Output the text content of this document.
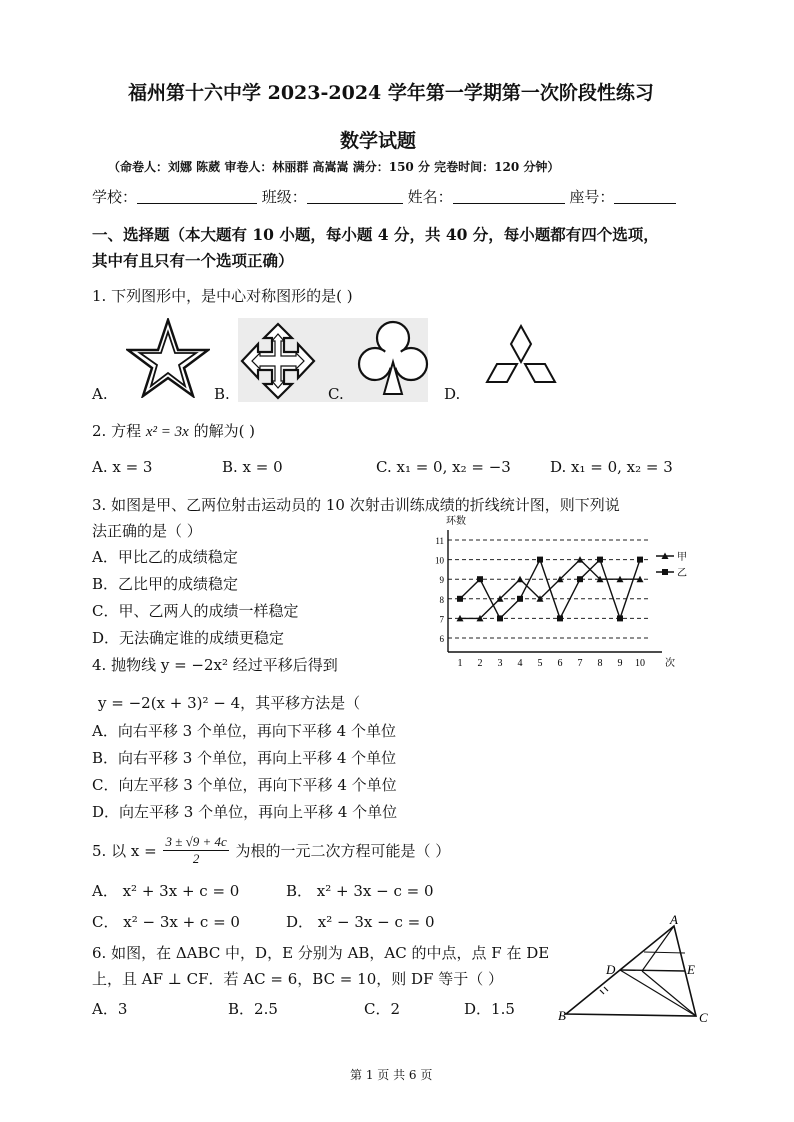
福州第十六中学 2023-2024 学年第一学期第一次阶段性练习
数学试题
（命卷人：刘娜 陈葳 审卷人：林丽群 高嵩嵩 满分：150 分 完卷时间：120 分钟）
学校：	班级：	姓名：	座号：
一、选择题（本大题有 10 小题，每小题 4 分，共 40 分，每小题都有四个选项，
其中有且只有一个选项正确）
1. 下列图形中，是中心对称图形的是( )
A.	B.	C.	D.
2. 方程 x² = 3x 的解为( )
A. x = 3	B. x = 0	C. x₁ = 0, x₂ = −3	D. x₁ = 0, x₂ = 3
3. 如图是甲、乙两位射击运动员的 10 次射击训练成绩的折线统计图，则下列说
法正确的是（ ）
A．甲比乙的成绩稳定
B．乙比甲的成绩稳定
C．甲、乙两人的成绩一样稳定
D．无法确定谁的成绩更稳定	6
7
8
9
10
11
环数
1 2 3 4 5 6 7 8 9 10 次
甲
乙
4. 抛物线 y = −2x² 经过平移后得到
y = −2(x + 3)² − 4，其平移方法是（
A．向右平移 3 个单位，再向下平移 4 个单位
B．向右平移 3 个单位，再向上平移 4 个单位
C．向左平移 3 个单位，再向下平移 4 个单位
D．向左平移 3 个单位，再向上平移 4 个单位
5. 以 $x = \frac{3 \pm √9 + 4c}{2}$ 为根的一元二次方程可能是（ ）
A． x² + 3x + c = 0	B． x² + 3x − c = 0
C． x² − 3x + c = 0	D． x² − 3x − c = 0
6. 如图，在 ΔABC 中，D，E 分别为 AB，AC 的中点，点 F 在 DE
上，且 AF ⊥ CF．若 AC = 6，BC = 10，则 DF 等于（ ）
A．3	B．2.5	C．2	D．1.5
A
B	C
D	E
第 1 页 共 6 页
